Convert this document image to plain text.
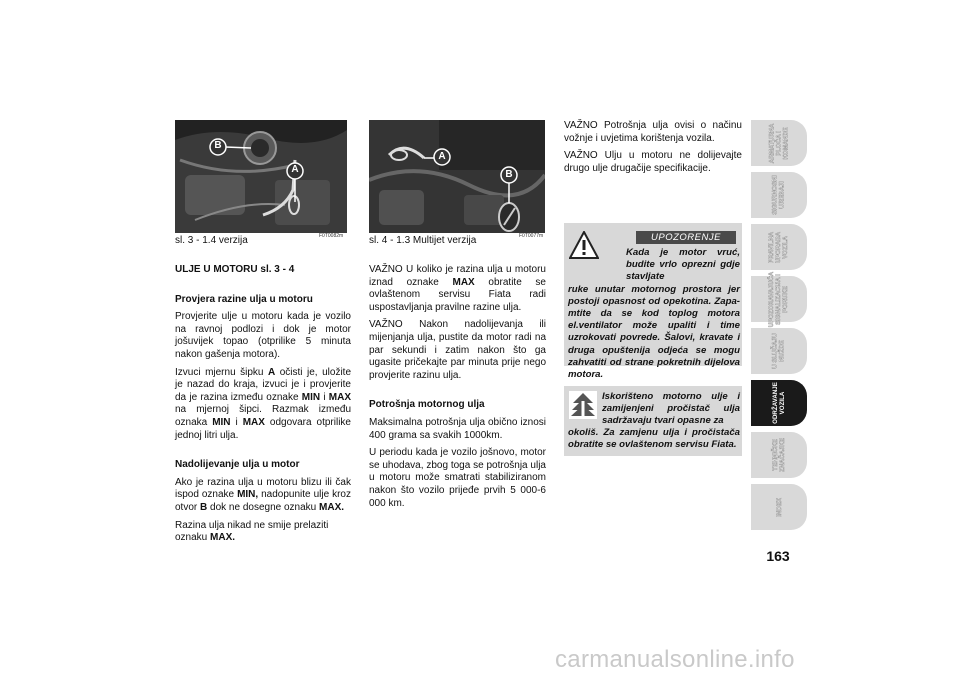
B
A
sl. 3 - 1.4 verzija	F0T0082m
A
B
sl. 4 - 1.3 Multijet verzija	F0T0077m
ULJE U MOTORU sl. 3 - 4
Provjera razine ulja u motoru

Provjerite ulje u motoru kada je vozilo na ravnoj podlozi i dok je motor jošuvijek topao (otprilike 5 minuta nakon gašenja motora).

Izvuci mjernu šipku A očisti je, uložite je nazad do kraja, izvuci je i provjerite da je razina između oznake MIN i MAX na mjernoj šipci. Razmak između oznaka MIN i MAX odgovara otprilike jednoj litri ulja.

Nadolijevanje ulja u motor

Ako je razina ulja u motoru blizu ili čak ispod oznake MIN, nadopunite ulje kroz otvor B dok ne dosegne oznaku MAX.

Razina ulja nikad ne smije prelaziti oznaku MAX.

VAŽNO U koliko je razina ulja u motoru iznad oznake MAX obratite se ovlaštenom servisu Fiata radi uspostavljanja pravilne razine ulja.

VAŽNO Nakon nadolijevanja ili mijenjanja ulja, pustite da motor radi na par sekundi i zatim nakon što ga ugasite pričekajte par minuta prije nego provjerite razinu ulja.

Potrošnja motornog ulja

Maksimalna potrošnja ulja obično iznosi 400 grama sa svakih 1000km.

U periodu kada je vozilo jošnovo, motor se uhodava, zbog toga se potrošnja ulja u motoru može smatrati stabiliziranom nakon što vozilo prijeđe prvih 5 000-6 000 km.

VAŽNO Potrošnja ulja ovisi o načinu vožnje i uvjetima korištenja vozila.

VAŽNO Ulju u motoru ne dolijevajte drugo ulje drugačije specifikacije.

UPOZORENJE
Kada je motor vruć, budite vrlo oprezni gdje stavljate
ruke unutar motornog prostora jer postoji opasnost od opekotina. Zapa-mtite da se kod toplog motora el.ventilator može upaliti i time uzrokovati povrede. Šalovi, kravate i druga opuštenija odjeća se mogu zahvatiti od strane pokretnih dijelova motora.
Iskorišteno motorno ulje i zamijenjeni pročistač ulja sadržavaju tvari opasne za
okoliš. Za zamjenu ulja i pročistača obratite se ovlaštenom servisu Fiata.
ARMATURNA
PLOČA I
KOMANDE
SIGURNOSNI
UREĐAJI
PRAVILNA
UPORABA
VOZILA
UPOZORAVAJUĆA
SIGNALIZACIJA I
PORUKE
U SLUČAJU
NUŽDE
ODRŽAVANJE
VOZILA
TEHNIČKE
ZNAČAJKE
INDEX
163
carmanualsonline.info
